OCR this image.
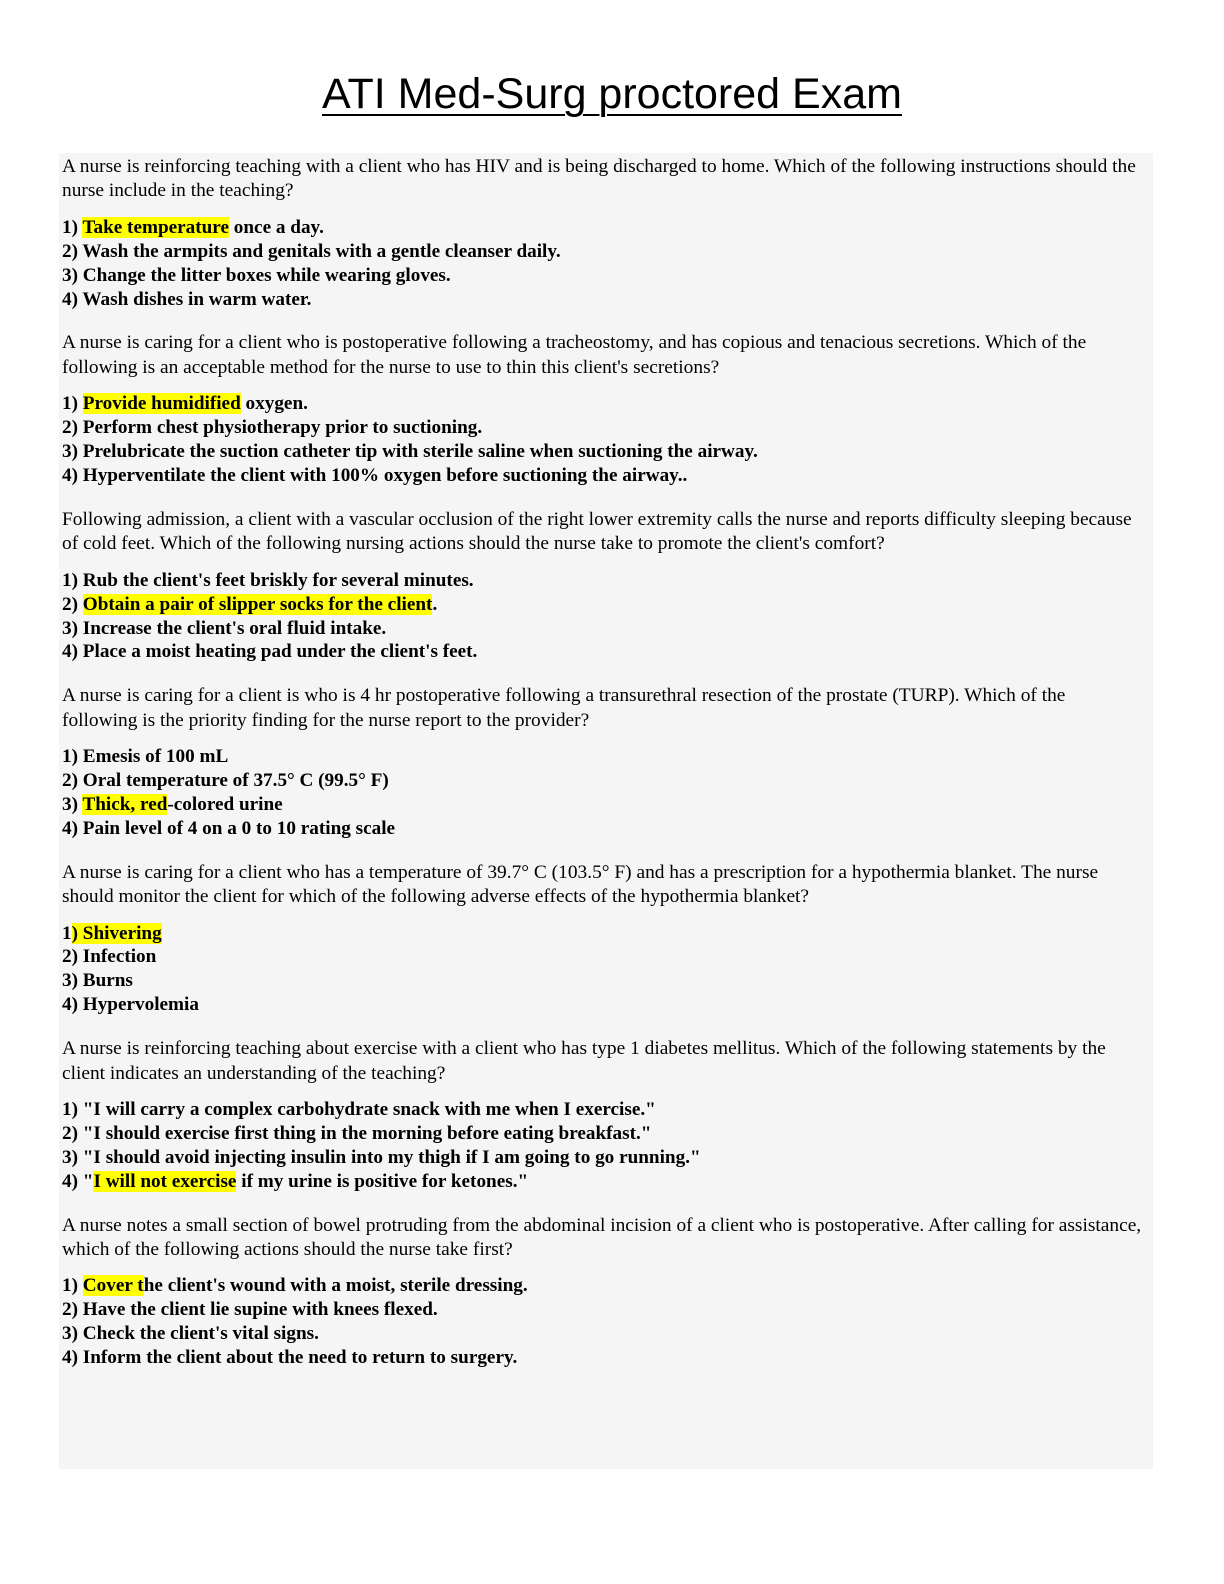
ATI Med-Surg proctored Exam

A nurse is reinforcing teaching with a client who has HIV and is being discharged to home. Which of the following instructions should the nurse include in the teaching?

1) Take temperature once a day.
2) Wash the armpits and genitals with a gentle cleanser daily.
3) Change the litter boxes while wearing gloves.
4) Wash dishes in warm water.

A nurse is caring for a client who is postoperative following a tracheostomy, and has copious and tenacious secretions. Which of the following is an acceptable method for the nurse to use to thin this client's secretions?

1) Provide humidified oxygen.
2) Perform chest physiotherapy prior to suctioning.
3) Prelubricate the suction catheter tip with sterile saline when suctioning the airway.
4) Hyperventilate the client with 100% oxygen before suctioning the airway..

Following admission, a client with a vascular occlusion of the right lower extremity calls the nurse and reports difficulty sleeping because of cold feet. Which of the following nursing actions should the nurse take to promote the client's comfort?

1) Rub the client's feet briskly for several minutes.
2) Obtain a pair of slipper socks for the client.
3) Increase the client's oral fluid intake.
4) Place a moist heating pad under the client's feet.

A nurse is caring for a client is who is 4 hr postoperative following a transurethral resection of the prostate (TURP). Which of the following is the priority finding for the nurse report to the provider?

1) Emesis of 100 mL
2) Oral temperature of 37.5° C (99.5° F)
3) Thick, red-colored urine
4) Pain level of 4 on a 0 to 10 rating scale

A nurse is caring for a client who has a temperature of 39.7° C (103.5° F) and has a prescription for a hypothermia blanket. The nurse should monitor the client for which of the following adverse effects of the hypothermia blanket?

1) Shivering
2) Infection
3) Burns
4) Hypervolemia

A nurse is reinforcing teaching about exercise with a client who has type 1 diabetes mellitus. Which of the following statements by the client indicates an understanding of the teaching?

1) "I will carry a complex carbohydrate snack with me when I exercise."
2) "I should exercise first thing in the morning before eating breakfast."
3) "I should avoid injecting insulin into my thigh if I am going to go running."
4) "I will not exercise if my urine is positive for ketones."

A nurse notes a small section of bowel protruding from the abdominal incision of a client who is postoperative. After calling for assistance, which of the following actions should the nurse take first?

1) Cover the client's wound with a moist, sterile dressing.
2) Have the client lie supine with knees flexed.
3) Check the client's vital signs.
4) Inform the client about the need to return to surgery.
